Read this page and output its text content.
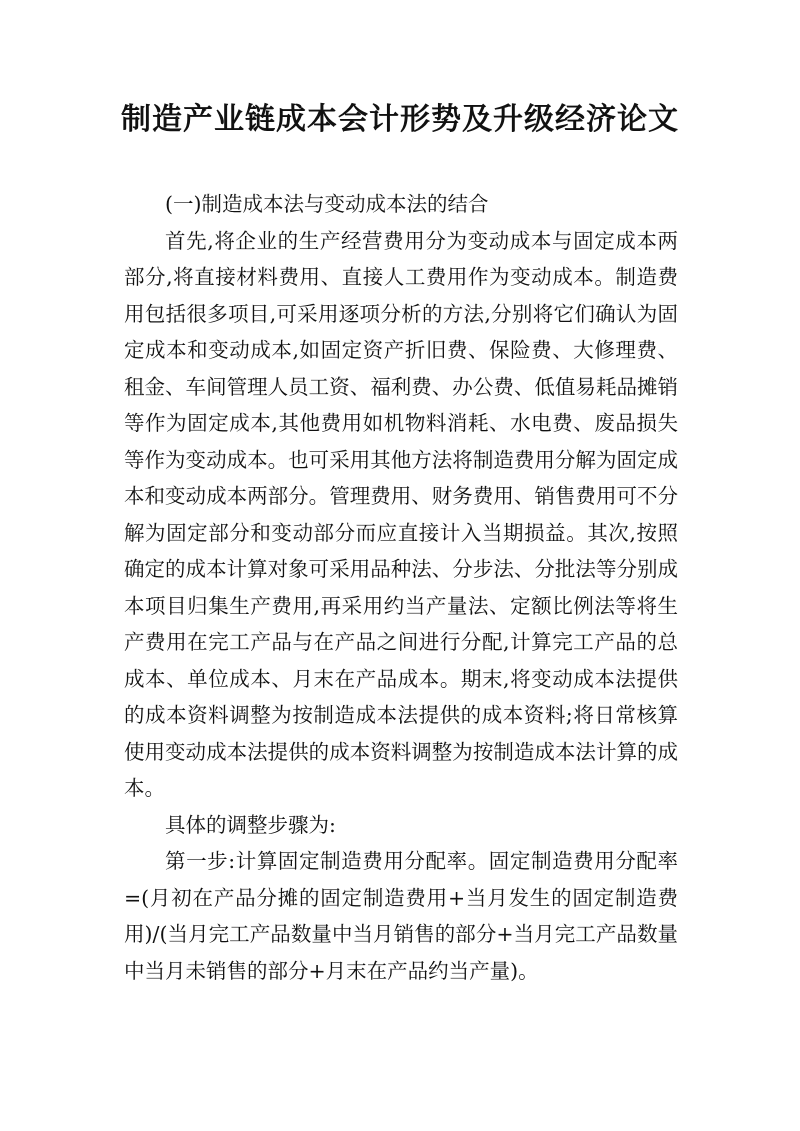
制造产业链成本会计形势及升级经济论文

(一)制造成本法与变动成本法的结合

首先,将企业的生产经营费用分为变动成本与固定成本两部分,将直接材料费用、直接人工费用作为变动成本。制造费用包括很多项目,可采用逐项分析的方法,分别将它们确认为固定成本和变动成本,如固定资产折旧费、保险费、大修理费、租金、车间管理人员工资、福利费、办公费、低值易耗品摊销等作为固定成本,其他费用如机物料消耗、水电费、废品损失等作为变动成本。也可采用其他方法将制造费用分解为固定成本和变动成本两部分。管理费用、财务费用、销售费用可不分解为固定部分和变动部分而应直接计入当期损益。其次,按照确定的成本计算对象可采用品种法、分步法、分批法等分别成本项目归集生产费用,再采用约当产量法、定额比例法等将生产费用在完工产品与在产品之间进行分配,计算完工产品的总成本、单位成本、月末在产品成本。期末,将变动成本法提供的成本资料调整为按制造成本法提供的成本资料;将日常核算使用变动成本法提供的成本资料调整为按制造成本法计算的成本。

具体的调整步骤为:

第一步:计算固定制造费用分配率。固定制造费用分配率=(月初在产品分摊的固定制造费用+当月发生的固定制造费用)/(当月完工产品数量中当月销售的部分+当月完工产品数量中当月未销售的部分+月末在产品约当产量)。
